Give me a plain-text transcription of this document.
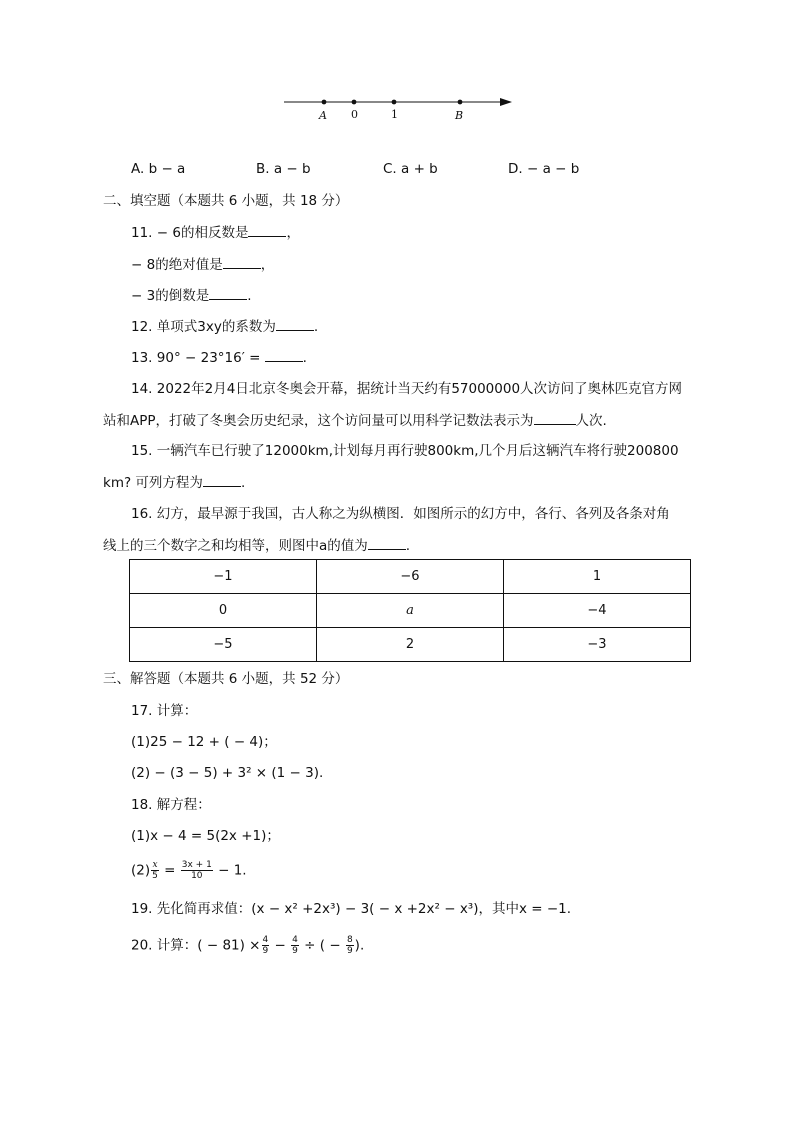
A 0	1	B
A. b − a	B. a − b	C. a + b	D. − a − b
二、填空题（本题共 6 小题，共 18 分）
11. − 6的相反数是	，
− 8的绝对值是	，
− 3的倒数是	.
12. 单项式3xy的系数为	.
13. 90° − 23°16′ =	.
14. 2022年2月4日北京冬奥会开幕，据统计当天约有57000000人次访问了奥林匹克官方网
站和APP，打破了冬奥会历史纪录，这个访问量可以用科学记数法表示为	人次.
15. 一辆汽车已行驶了12000km,计划每月再行驶800km,几个月后这辆汽车将行驶200800
km? 可列方程为	.
16. 幻方，最早源于我国，古人称之为纵横图．如图所示的幻方中，各行、各列及各条对角
线上的三个数字之和均相等，则图中a的值为	.
−1	−6	1
0	a	−4
−5	2	−3
三、解答题（本题共 6 小题，共 52 分）
17. 计算：
(1)25 − 12 + ( − 4)；
(2) − (3 − 5) + 3² × (1 − 3).
18. 解方程：
(1)x − 4 = 5(2x +1)；
$(2) \frac{x}{5} = \frac{3x + 1}{10} - 1$.
19. 先化简再求值：(x − x² +2x³) − 3( − x +2x² − x³)，其中x = −1.
20. 计算：( − $81) \times \frac{4}{9} - \frac{4}{9}$ ÷ ( − $\frac{8}{9}$ ).
